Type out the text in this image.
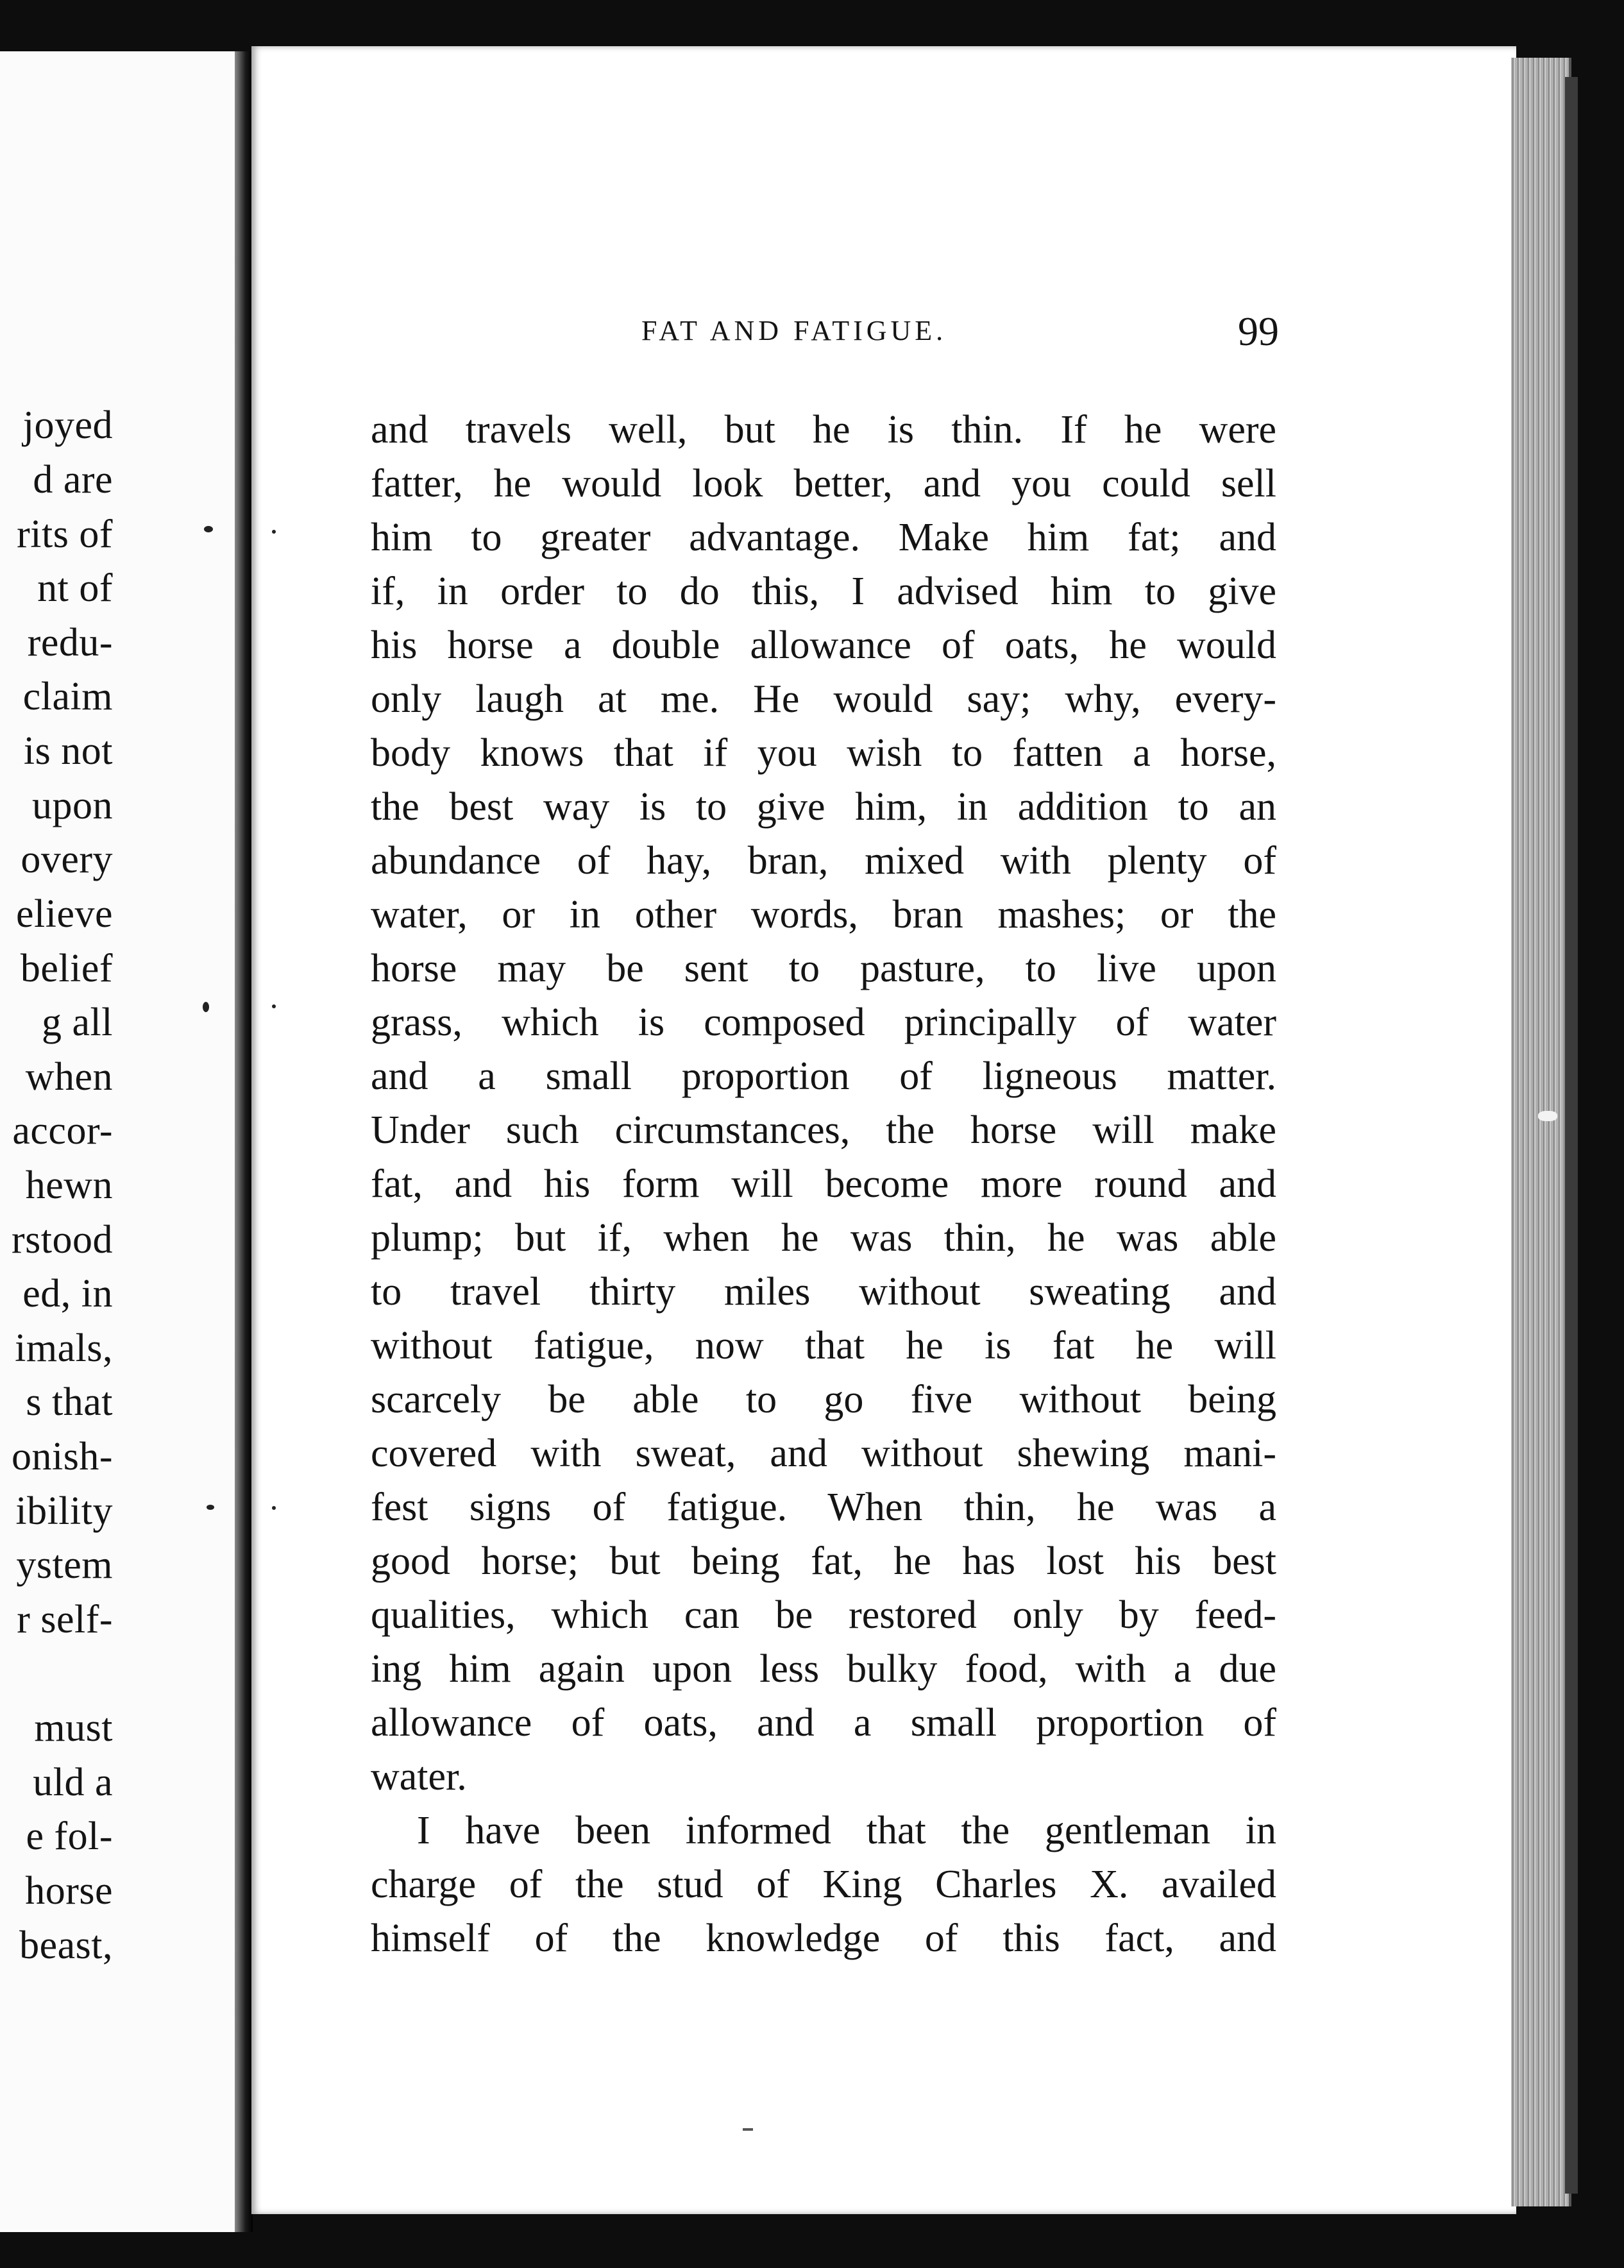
joyed
d are
rits of
nt of
redu-
claim
is not
upon
overy
elieve
belief
g all
when
accor-
hewn
rstood
ed, in
imals,
s that
onish-
ibility
ystem
r self-
must
uld a
e fol-
horse
beast,
FAT AND FATIGUE.	99
and travels well, but he is thin. If he were
fatter, he would look better, and you could sell
him to greater advantage. Make him fat; and
if, in order to do this, I advised him to give
his horse a double allowance of oats, he would
only laugh at me. He would say; why, every-
body knows that if you wish to fatten a horse,
the best way is to give him, in addition to an
abundance of hay, bran, mixed with plenty of
water, or in other words, bran mashes; or the
horse may be sent to pasture, to live upon
grass, which is composed principally of water
and a small proportion of ligneous matter.
Under such circumstances, the horse will make
fat, and his form will become more round and
plump; but if, when he was thin, he was able
to travel thirty miles without sweating and
without fatigue, now that he is fat he will
scarcely be able to go five without being
covered with sweat, and without shewing mani-
fest signs of fatigue. When thin, he was a
good horse; but being fat, he has lost his best
qualities, which can be restored only by feed-
ing him again upon less bulky food, with a due
allowance of oats, and a small proportion of
water.
I have been informed that the gentleman in
charge of the stud of King Charles X. availed
himself of the knowledge of this fact, and
